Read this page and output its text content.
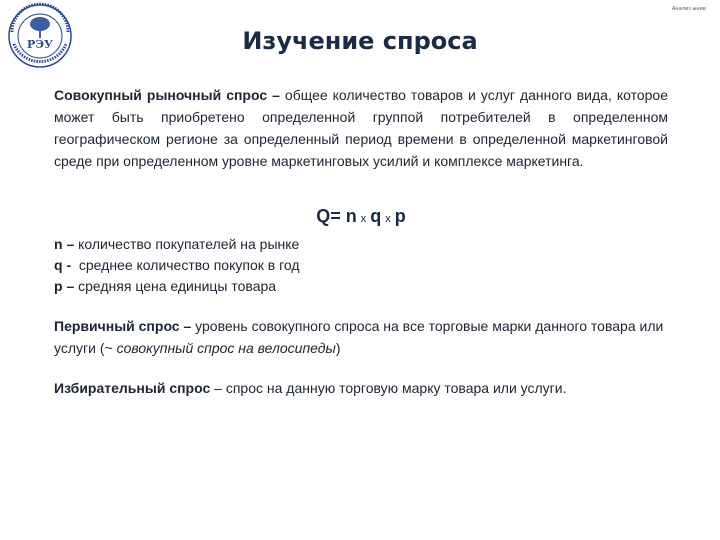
РЭУ
Анализ ыние
Изучение спроса

Совокупный рыночный спрос – общее количество товаров и услуг данного вида, которое может быть приобретено определенной группой потребителей в определенном географическом регионе за определенный период времени в определенной маркетинговой среде при определенном уровне маркетинговых усилий и комплексе маркетинга.

Q= n x q x p

n – количество покупателей на рынке

q -  среднее количество покупок в год

p – средняя цена единицы товара

Первичный спрос – уровень совокупного спроса на все торговые марки данного товара или услуги (~ совокупный спрос на велосипеды)

Избирательный спрос – спрос на данную торговую марку товара или услуги.
